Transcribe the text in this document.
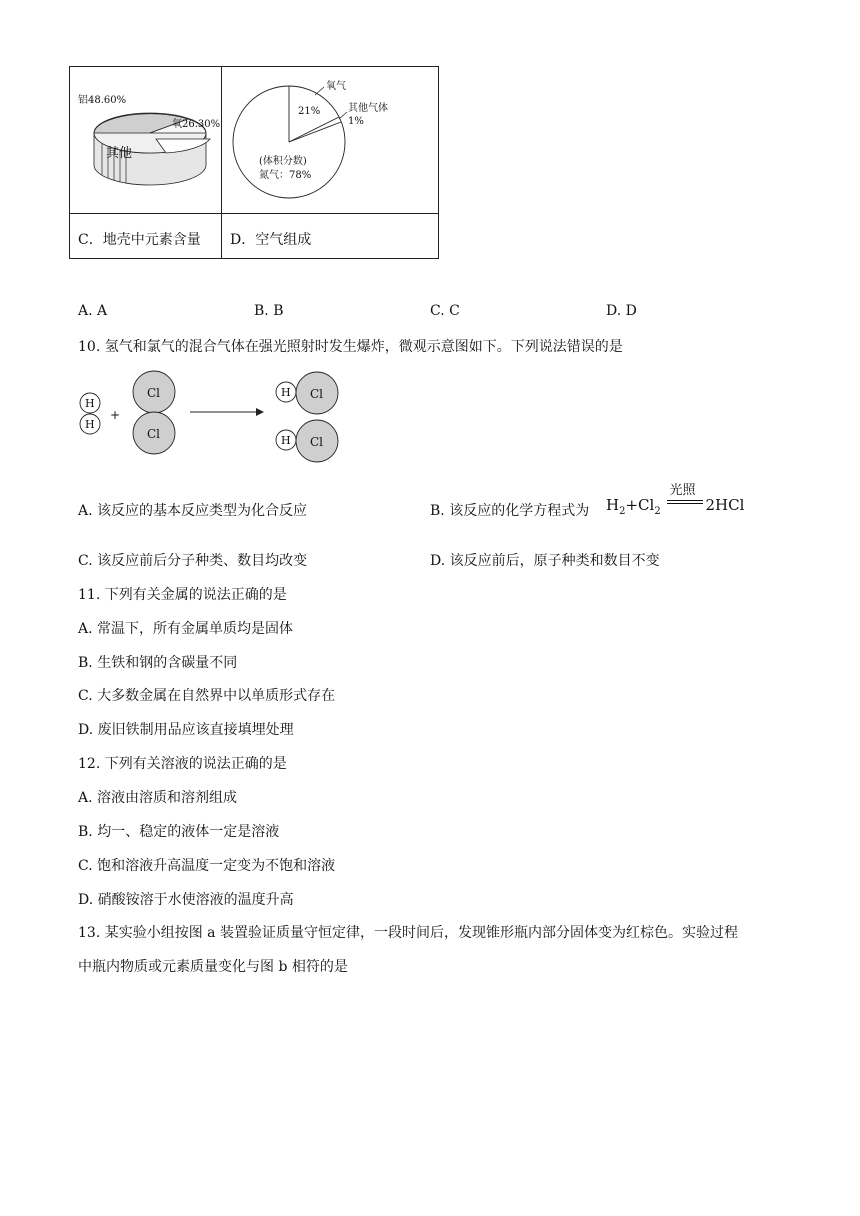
铝48.60%
氧26.30%
其他
氧气
21%	其他气体
1%
(体积分数)
氮气：78%
C．地壳中元素含量 D．空气组成
A. A	B. B	C. C	D. D
10. 氢气和氯气的混合气体在强光照射时发生爆炸，微观示意图如下。下列说法错误的是
H
H
+
Cl
Cl
H Cl
H Cl
A. 该反应的基本反应类型为化合反应	B. 该反应的化学方程式为 $H_2+Cl_2$
光照
2HCl
C. 该反应前后分子种类、数目均改变	D. 该反应前后，原子种类和数目不变
11. 下列有关金属的说法正确的是
A. 常温下，所有金属单质均是固体
B. 生铁和钢的含碳量不同
C. 大多数金属在自然界中以单质形式存在
D. 废旧铁制用品应该直接填埋处理
12. 下列有关溶液的说法正确的是
A. 溶液由溶质和溶剂组成
B. 均一、稳定的液体一定是溶液
C. 饱和溶液升高温度一定变为不饱和溶液
D. 硝酸铵溶于水使溶液的温度升高
13. 某实验小组按图 a 装置验证质量守恒定律，一段时间后，发现锥形瓶内部分固体变为红棕色。实验过程
中瓶内物质或元素质量变化与图 b 相符的是
